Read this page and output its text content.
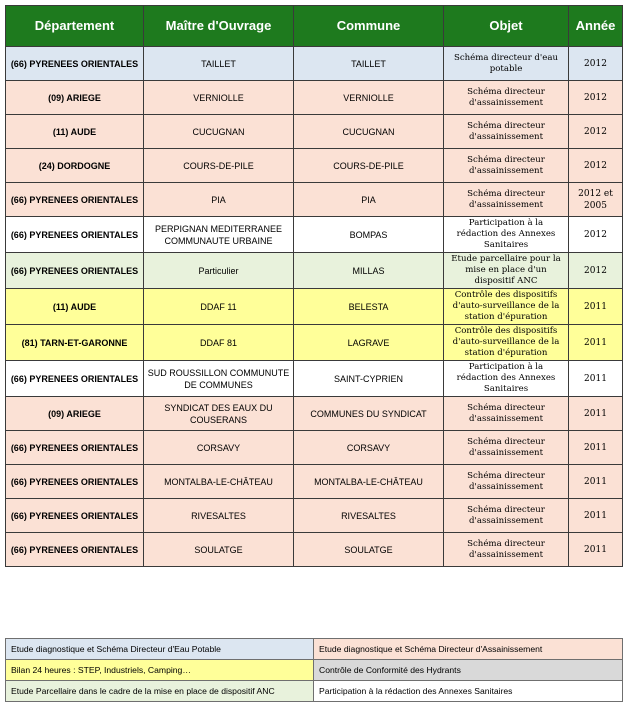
Département	Maître d'Ouvrage	Commune	Objet	Année
(66) PYRENEES ORIENTALES	TAILLET	TAILLET	Schéma directeur d'eau potable	2012
(09) ARIEGE	VERNIOLLE	VERNIOLLE	Schéma directeur d'assainissement	2012
(11) AUDE	CUCUGNAN	CUCUGNAN	Schéma directeur d'assainissement	2012
(24) DORDOGNE	COURS-DE-PILE	COURS-DE-PILE	Schéma directeur d'assainissement	2012
(66) PYRENEES ORIENTALES	PIA	PIA	Schéma directeur d'assainissement	2012 et 2005
(66) PYRENEES ORIENTALES	PERPIGNAN MEDITERRANEE COMMUNAUTE URBAINE	BOMPAS	Participation à la rédaction des Annexes Sanitaires	2012
(66) PYRENEES ORIENTALES	Particulier	MILLAS	Etude parcellaire pour la mise en place d'un dispositif ANC	2012
(11) AUDE	DDAF 11	BELESTA	Contrôle des dispositifs d'auto-surveillance de la station d'épuration	2011
(81) TARN-ET-GARONNE	DDAF 81	LAGRAVE	Contrôle des dispositifs d'auto-surveillance de la station d'épuration	2011
(66) PYRENEES ORIENTALES	SUD ROUSSILLON COMMUNUTE DE COMMUNES	SAINT-CYPRIEN	Participation à la rédaction des Annexes Sanitaires	2011
(09) ARIEGE	SYNDICAT DES EAUX DU COUSERANS	COMMUNES DU SYNDICAT	Schéma directeur d'assainissement	2011
(66) PYRENEES ORIENTALES	CORSAVY	CORSAVY	Schéma directeur d'assainissement	2011
(66) PYRENEES ORIENTALES	MONTALBA-LE-CHÂTEAU	MONTALBA-LE-CHÂTEAU	Schéma directeur d'assainissement	2011
(66) PYRENEES ORIENTALES	RIVESALTES	RIVESALTES	Schéma directeur d'assainissement	2011
(66) PYRENEES ORIENTALES	SOULATGE	SOULATGE	Schéma directeur d'assainissement	2011
Etude diagnostique et Schéma Directeur d'Eau Potable	Etude diagnostique et Schéma Directeur d'Assainissement
Bilan 24 heures : STEP, Industriels, Camping…	Contrôle de Conformité des Hydrants
Etude Parcellaire dans le cadre de la mise en place de dispositif ANC	Participation à la rédaction des Annexes Sanitaires
